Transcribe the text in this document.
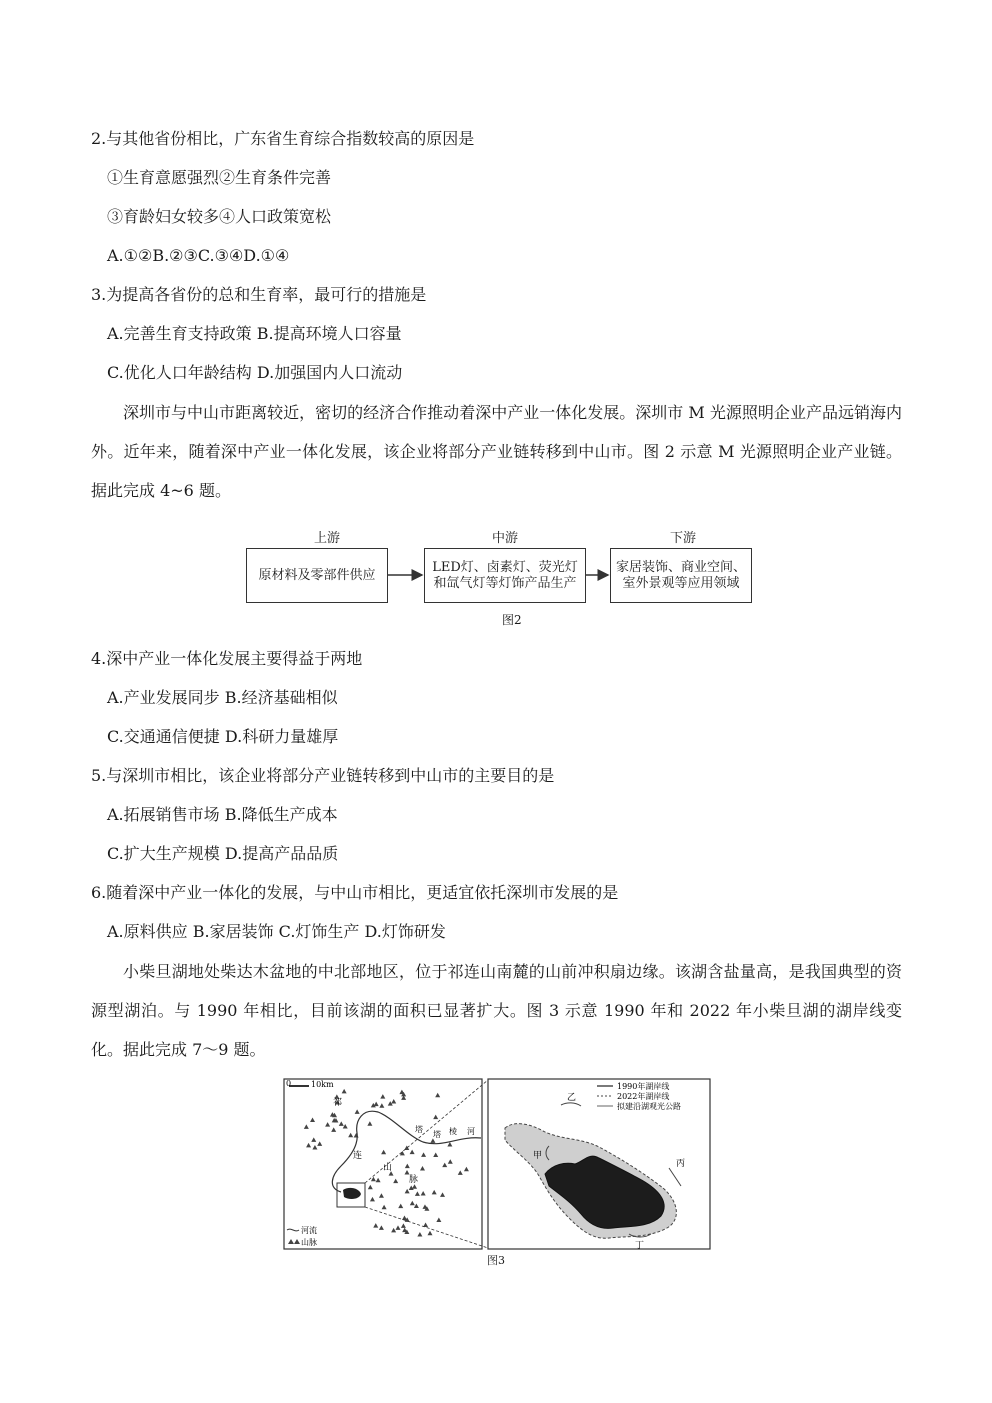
2.与其他省份相比，广东省生育综合指数较高的原因是
①生育意愿强烈②生育条件完善
③育龄妇女较多④人口政策宽松
A.①②B.②③C.③④D.①④
3.为提高各省份的总和生育率，最可行的措施是
A.完善生育支持政策 B.提高环境人口容量
C.优化人口年龄结构 D.加强国内人口流动
深圳市与中山市距离较近，密切的经济合作推动着深中产业一体化发展。深圳市 M 光源照明企业产品远销海内外。近年来，随着深中产业一体化发展，该企业将部分产业链转移到中山市。图 2 示意 M 光源照明企业产业链。据此完成 4~6 题。
上游	中游	下游
原材料及零部件供应
LED灯、卤素灯、荧光灯和氙气灯等灯饰产品生产
家居装饰、商业空间、室外景观等应用领域
图2
4.深中产业一体化发展主要得益于两地
A.产业发展同步 B.经济基础相似
C.交通通信便捷 D.科研力量雄厚
5.与深圳市相比，该企业将部分产业链转移到中山市的主要目的是
A.拓展销售市场 B.降低生产成本
C.扩大生产规模 D.提高产品品质
6.随着深中产业一体化的发展，与中山市相比，更适宜依托深圳市发展的是
A.原料供应 B.家居装饰 C.灯饰生产 D.灯饰研发
小柴旦湖地处柴达木盆地的中北部地区，位于祁连山南麓的山前冲积扇边缘。该湖含盐量高，是我国典型的资源型湖泊。与 1990 年相比，目前该湖的面积已显著扩大。图 3 示意 1990 年和 2022 年小柴旦湖的湖岸线变化。据此完成 7～9 题。
0 10km
祁
连
山
脉
塔
塔 棱 河
河流
山脉
乙
甲
丙
丁
1990年湖岸线
2022年湖岸线
拟建沿湖观光公路
图3
